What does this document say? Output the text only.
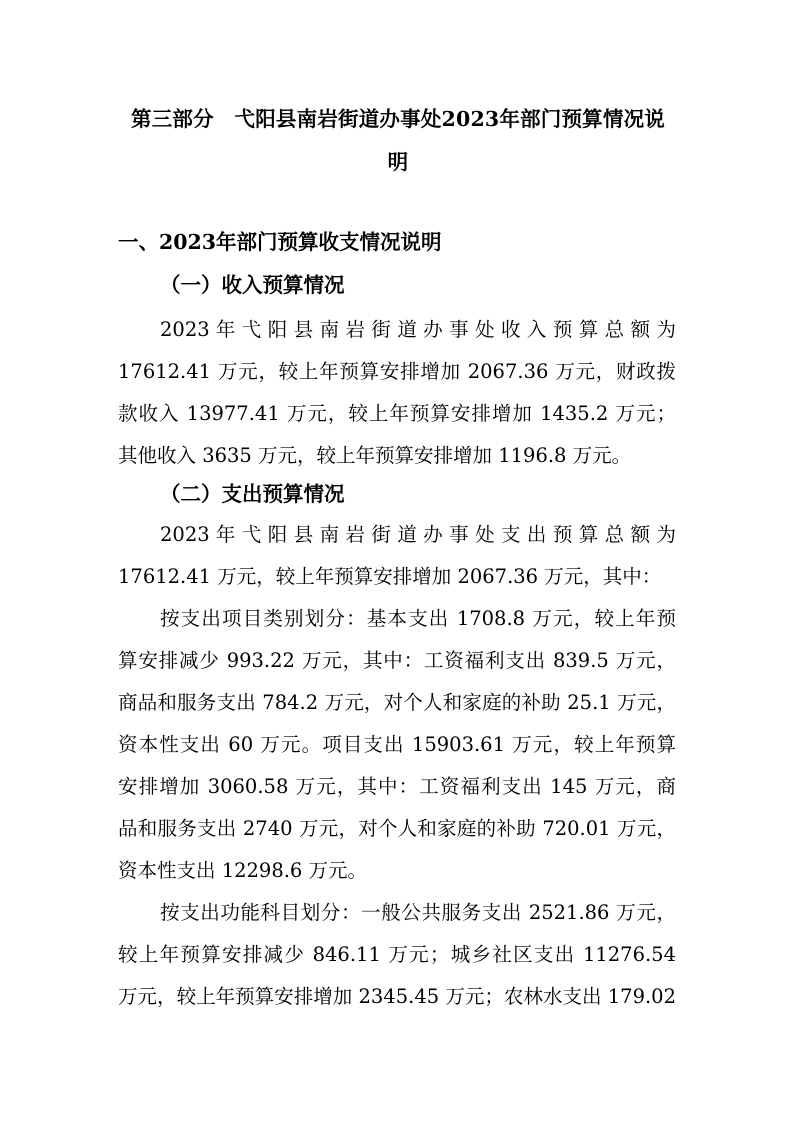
第三部分　弋阳县南岩街道办事处2023年部门预算情况说
明
一、2023年部门预算收支情况说明
（一）收入预算情况
2023 年 弋 阳 县 南 岩 街 道 办 事 处 收 入 预 算 总 额 为
17612.41 万元，较上年预算安排增加 2067.36 万元，财政拨
款收入 13977.41 万元，较上年预算安排增加 1435.2 万元；
其他收入 3635 万元，较上年预算安排增加 1196.8 万元。
（二）支出预算情况
2023 年 弋 阳 县 南 岩 街 道 办 事 处 支 出 预 算 总 额 为
17612.41 万元，较上年预算安排增加 2067.36 万元，其中：
按支出项目类别划分：基本支出 1708.8 万元，较上年预
算安排减少 993.22 万元，其中：工资福利支出 839.5 万元，
商品和服务支出 784.2 万元，对个人和家庭的补助 25.1 万元，
资本性支出 60 万元。项目支出 15903.61 万元，较上年预算
安排增加 3060.58 万元，其中：工资福利支出 145 万元，商
品和服务支出 2740 万元，对个人和家庭的补助 720.01 万元，
资本性支出 12298.6 万元。
按支出功能科目划分：一般公共服务支出 2521.86 万元，
较上年预算安排减少 846.11 万元；城乡社区支出 11276.54
万元，较上年预算安排增加 2345.45 万元；农林水支出 179.02
